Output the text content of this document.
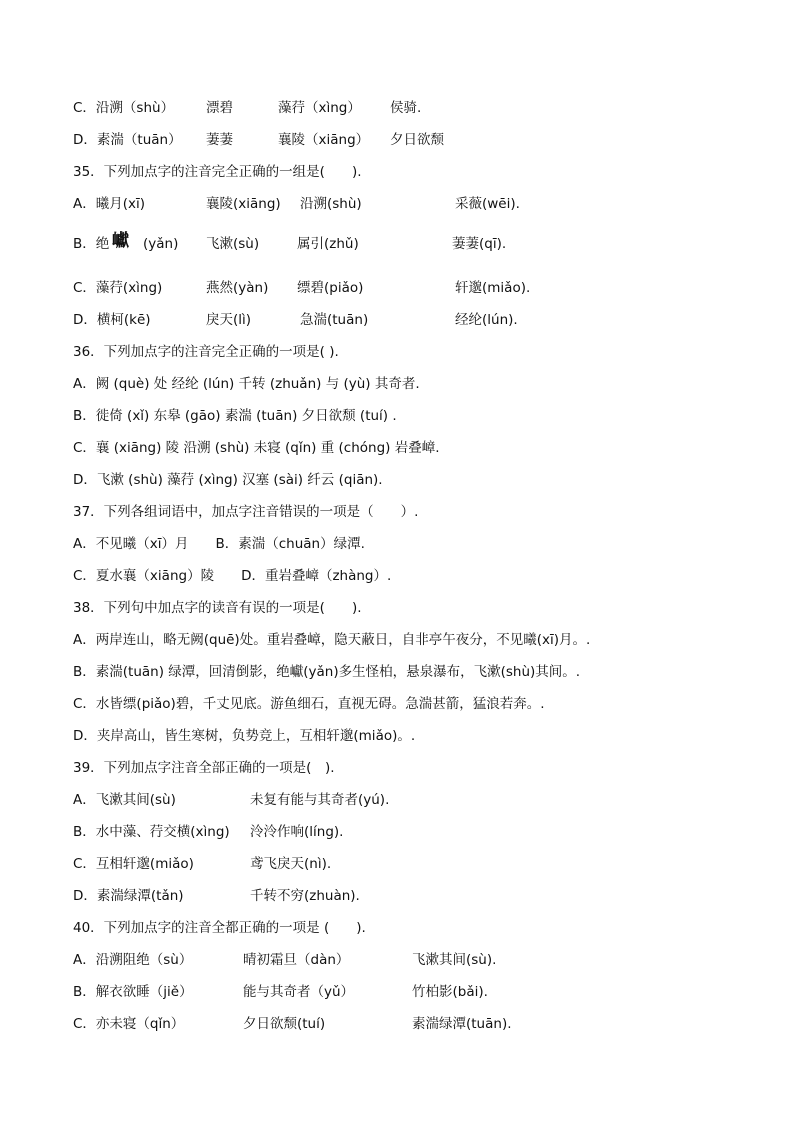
C．沿溯（shù） 漂碧	藻荇（xìng） 侯骑.
D．素湍（tuān） 萋萋	襄陵（xiāng） 夕日欲颓
35．下列加点字的注音完全正确的一组是(　　).
A．曦月(xī)	襄陵(xiāng) 沿溯(shù)	采薇(wēi).
B．绝 (yǎn) 飞漱(sù)	属引(zhǔ)	萋萋(qī).
巘
C．藻荇(xìng)	燕然(yàn) 缥碧(piǎo)	轩邈(miǎo).
D．横柯(kē)	戾天(lì)	急湍(tuān)	经纶(lún).
36．下列加点字的注音完全正确的一项是( ).
A．阙 (què) 处 经纶 (lún) 千转 (zhuǎn) 与 (yù) 其奇者.
B．徙倚 (xǐ) 东皋 (gāo) 素湍 (tuān) 夕日欲颓 (tuí) .
C．襄 (xiāng) 陵 沿溯 (shù) 未寝 (qǐn) 重 (chóng) 岩叠嶂.
D．飞漱 (shù) 藻荇 (xìng) 汉塞 (sài) 纤云 (qiān).
37．下列各组词语中，加点字注音错误的一项是（　　）.
A．不见曦（xī）月　　B．素湍（chuān）绿潭.
C．夏水襄（xiāng）陵　　D．重岩叠嶂（zhàng）.
38．下列句中加点字的读音有误的一项是(　　).
A．两岸连山，略无阙(quē)处。重岩叠嶂，隐天蔽日，自非亭午夜分，不见曦(xī)月。.
B．素湍(tuān) 绿潭，回清倒影，绝巘(yǎn)多生怪柏，悬泉瀑布，飞漱(shù)其间。.
C．水皆缥(piǎo)碧，千丈见底。游鱼细石，直视无碍。急湍甚箭，猛浪若奔。.
D．夹岸高山，皆生寒树，负势竞上，互相轩邈(miǎo)。.
39．下列加点字注音全部正确的一项是(　).
A．飞漱其间(sù)	未复有能与其奇者(yú).
B．水中藻、荇交横(xìng) 泠泠作响(líng).
C．互相轩邈(miǎo)	鸢飞戾天(nì).
D．素湍绿潭(tǎn)	千转不穷(zhuàn).
40．下列加点字的注音全都正确的一项是 (　　).
A．沿溯阻绝（sù）	晴初霜旦（dàn）	飞漱其间(sù).
B．解衣欲睡（jiě）	能与其奇者（yǔ）	竹柏影(bǎi).
C．亦未寝（qǐn）	夕日欲颓(tuí)	素湍绿潭(tuān).
